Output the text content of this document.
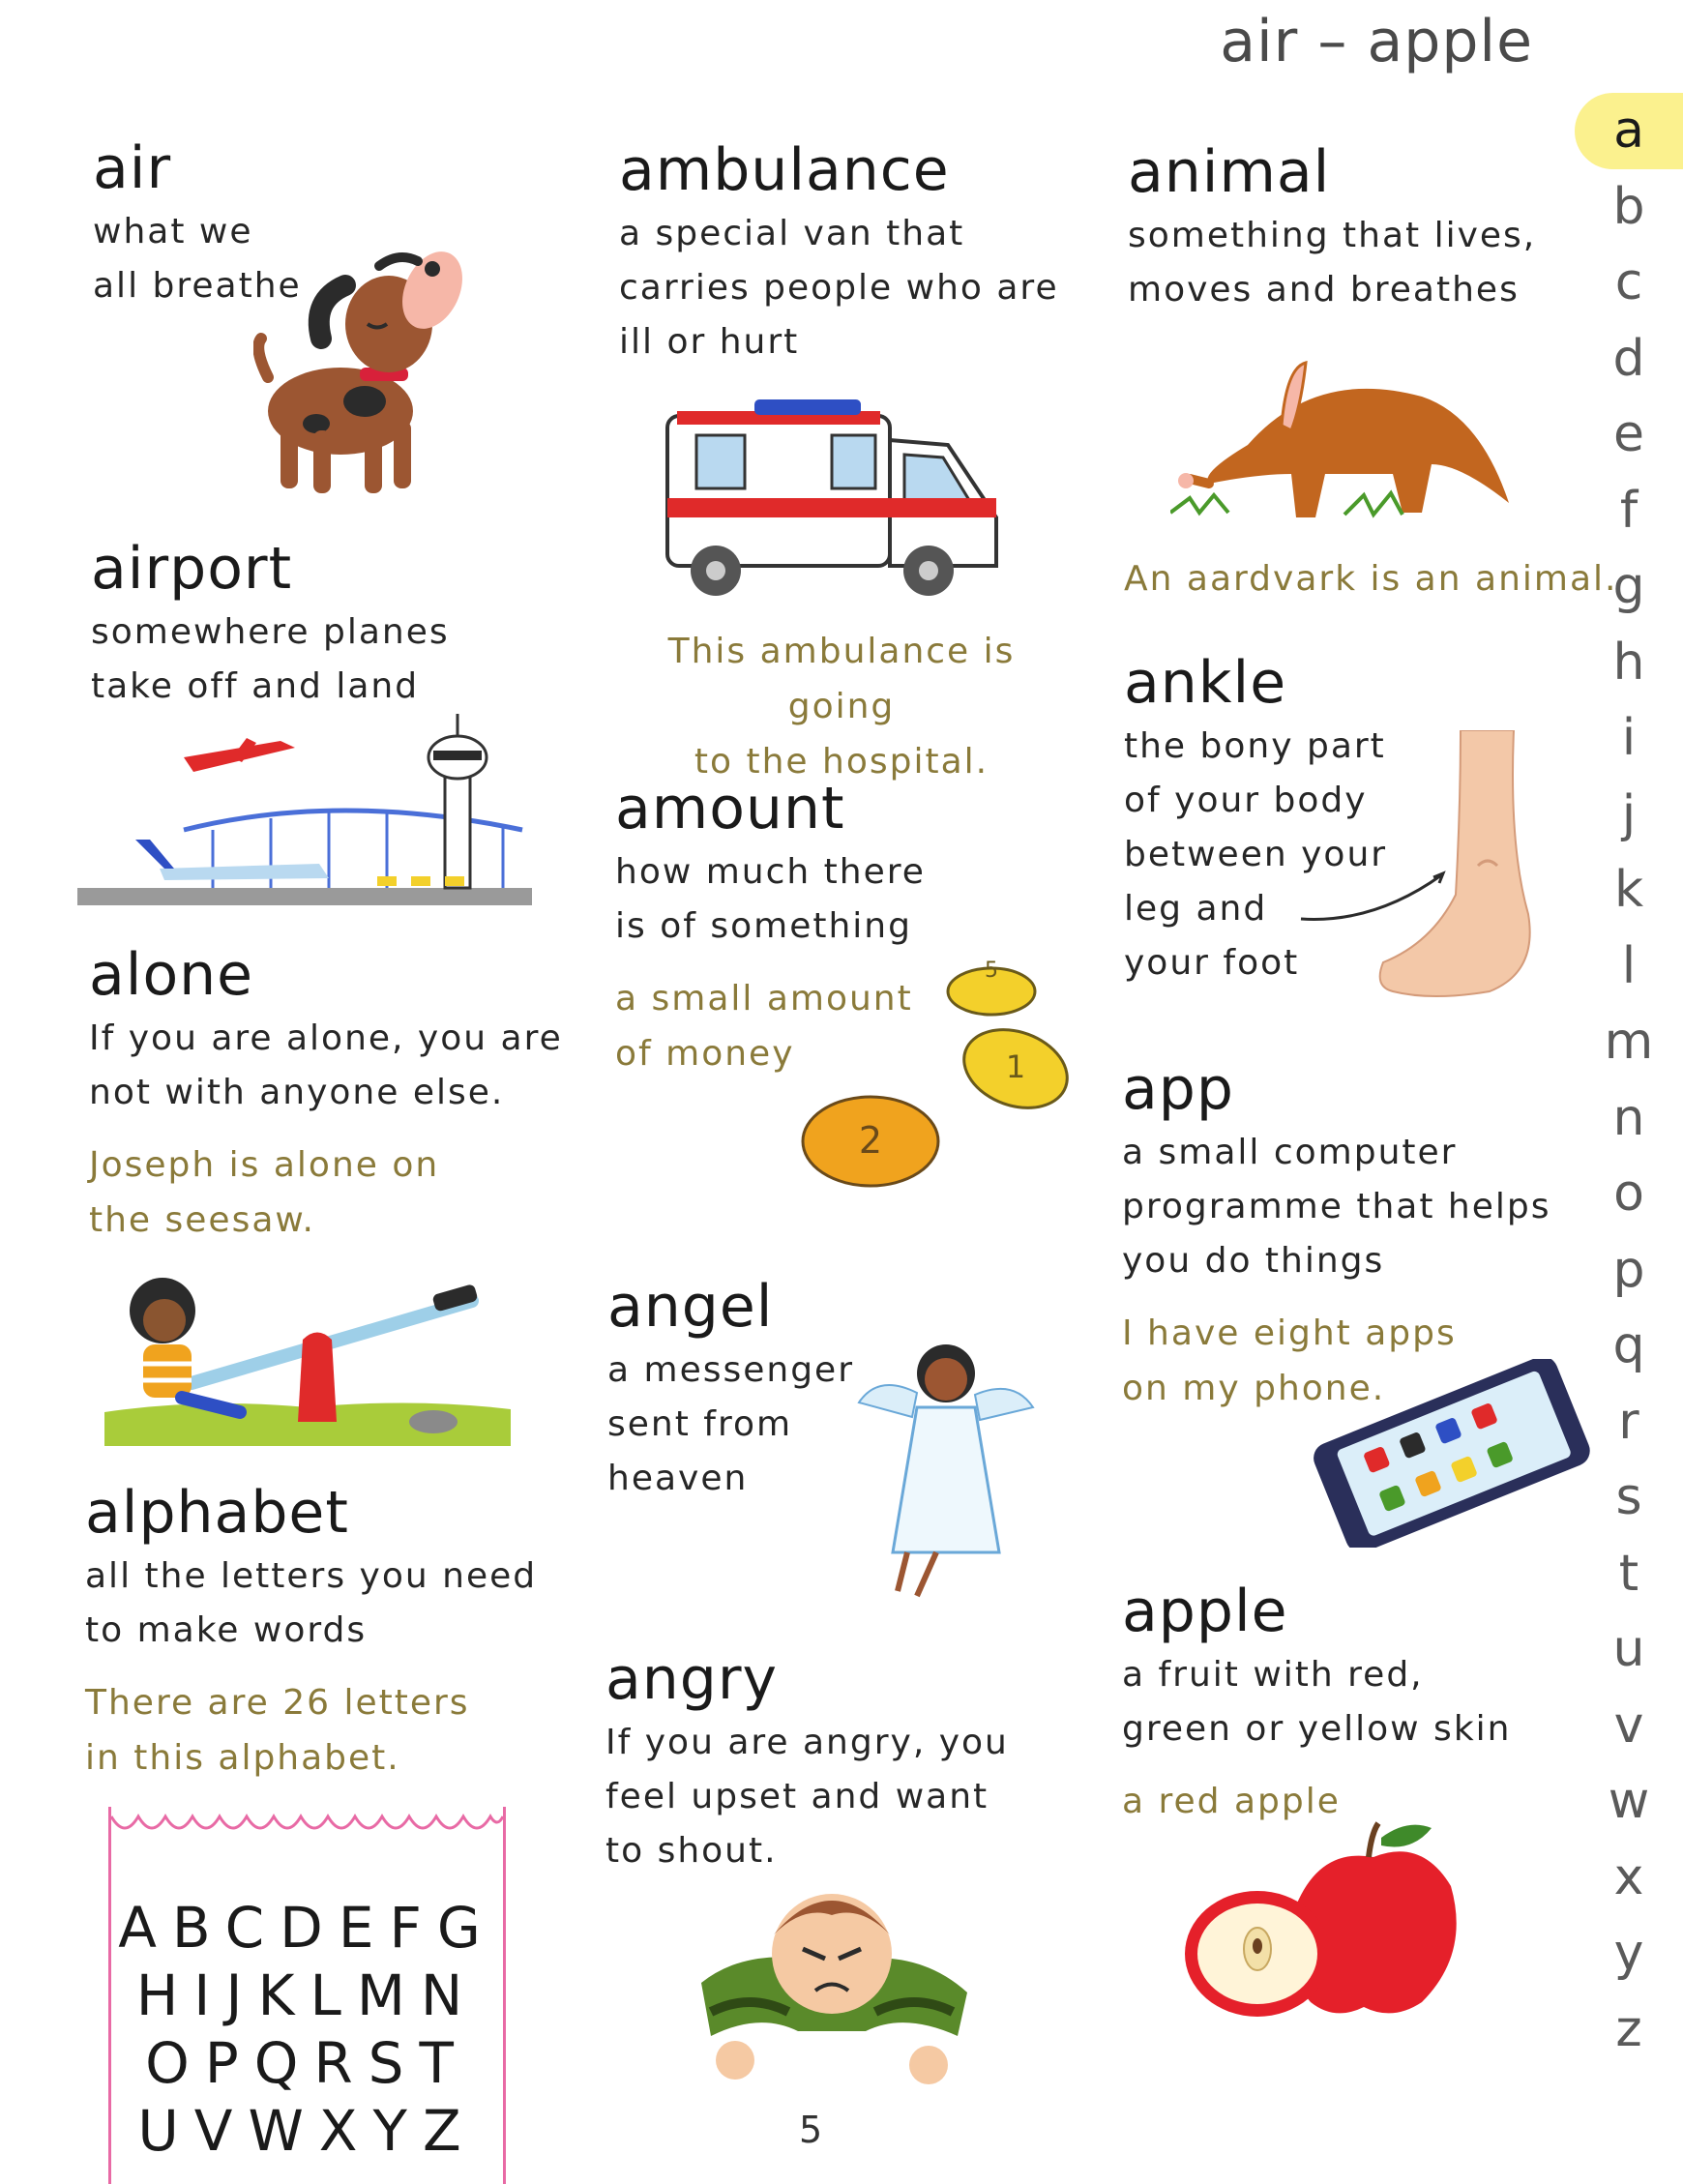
air – apple
air

what we
all breathe

airport

somewhere planes
take off and land

alone

If you are alone, you are
not with anyone else.

Joseph is alone on
the seesaw.

alphabet

all the letters you need
to make words

There are 26 letters
in this alphabet.

ABCDEFG
HIJKLMN
OPQRST
UVWXYZ
ambulance

a special van that
carries people who are
ill or hurt

This ambulance is going
to the hospital.

amount

how much there
is of something

a small amount
of money

5
1
2
angel

a messenger
sent from
heaven

angry

If you are angry, you
feel upset and want
to shout.

animal

something that lives,
moves and breathes

An aardvark is an animal.

ankle

the bony part
of your body
between your
leg and
your foot

app

a small computer
programme that helps
you do things

I have eight apps
on my phone.

apple

a fruit with red,
green or yellow skin

a red apple

a
b
c
d
e
f
g
h
i
j
k
l
m
n
o
p
q
r
s
t
u
v
w
x
y
z
5
